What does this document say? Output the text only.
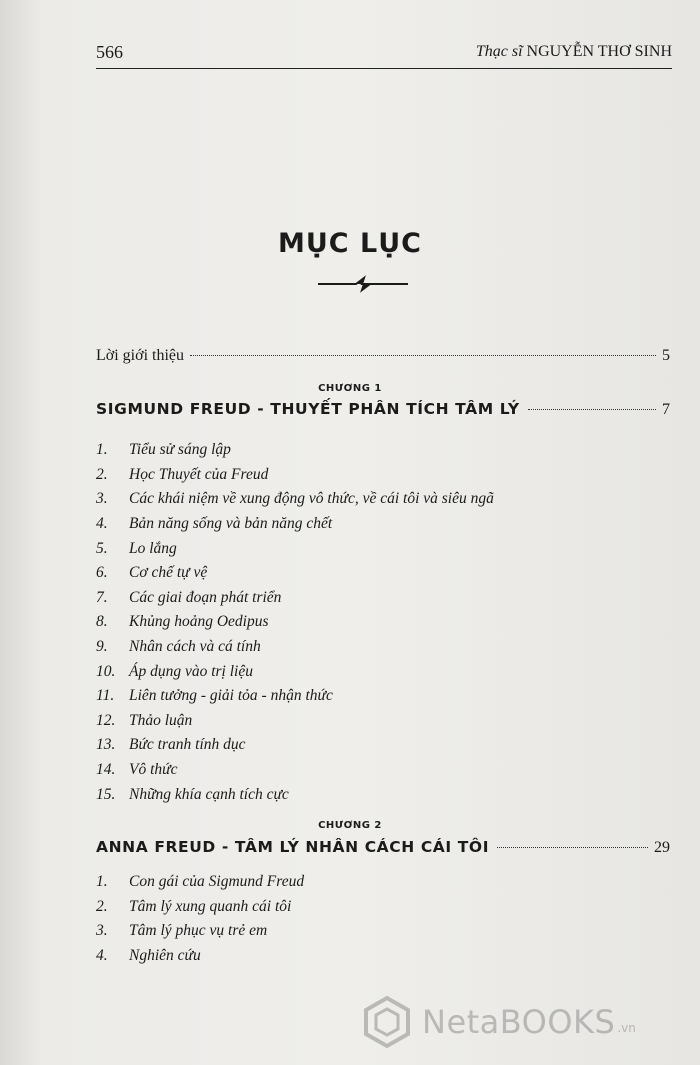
566	Thạc sĩ NGUYỄN THƠ SINH
MỤC LỤC
Lời giới thiệu	5
CHƯƠNG 1
SIGMUND FREUD - THUYẾT PHÂN TÍCH TÂM LÝ	7
1.	Tiểu sử sáng lập
2.	Học Thuyết của Freud
3.	Các khái niệm về xung động vô thức, về cái tôi và siêu ngã
4.	Bản năng sống và bản năng chết
5.	Lo lắng
6.	Cơ chế tự vệ
7.	Các giai đoạn phát triển
8.	Khủng hoảng Oedipus
9.	Nhân cách và cá tính
10. Áp dụng vào trị liệu
11. Liên tưởng - giải tỏa - nhận thức
12. Thảo luận
13. Bức tranh tính dục
14. Vô thức
15. Những khía cạnh tích cực
CHƯƠNG 2
ANNA FREUD - TÂM LÝ NHÂN CÁCH CÁI TÔI	29
1.	Con gái của Sigmund Freud
2.	Tâm lý xung quanh cái tôi
3.	Tâm lý phục vụ trẻ em
4.	Nghiên cứu
NetaBOOKS .vn
